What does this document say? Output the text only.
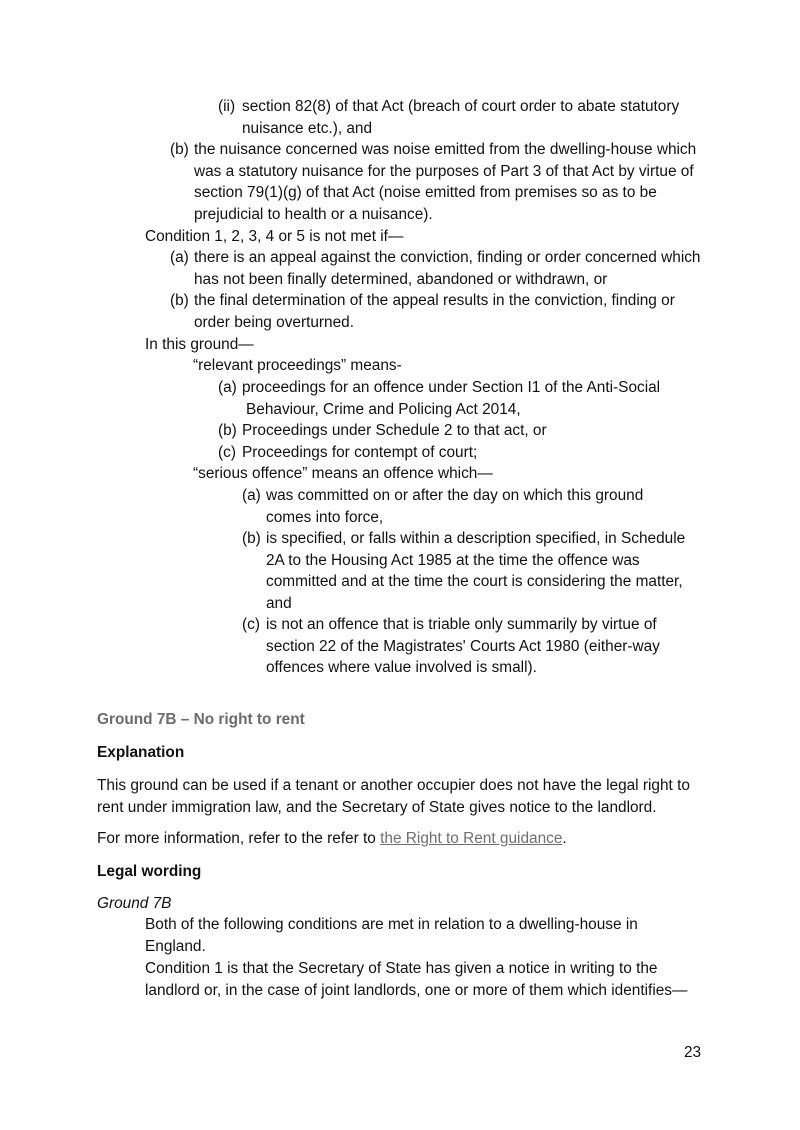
(ii) section 82(8) of that Act (breach of court order to abate statutory nuisance etc.), and
(b) the nuisance concerned was noise emitted from the dwelling-house which was a statutory nuisance for the purposes of Part 3 of that Act by virtue of section 79(1)(g) of that Act (noise emitted from premises so as to be prejudicial to health or a nuisance).
Condition 1, 2, 3, 4 or 5 is not met if—
(a) there is an appeal against the conviction, finding or order concerned which has not been finally determined, abandoned or withdrawn, or
(b) the final determination of the appeal results in the conviction, finding or order being overturned.
In this ground—
“relevant proceedings” means-
(a) proceedings for an offence under Section I1 of the Anti-Social Behaviour, Crime and Policing Act 2014,
(b) Proceedings under Schedule 2 to that act, or
(c) Proceedings for contempt of court;
“serious offence” means an offence which—
(a) was committed on or after the day on which this ground comes into force,
(b) is specified, or falls within a description specified, in Schedule 2A to the Housing Act 1985 at the time the offence was committed and at the time the court is considering the matter, and
(c) is not an offence that is triable only summarily by virtue of section 22 of the Magistrates' Courts Act 1980 (either-way offences where value involved is small).
Ground 7B – No right to rent
Explanation
This ground can be used if a tenant or another occupier does not have the legal right to rent under immigration law, and the Secretary of State gives notice to the landlord.
For more information, refer to the refer to the Right to Rent guidance.
Legal wording
Ground 7B
Both of the following conditions are met in relation to a dwelling-house in England.
Condition 1 is that the Secretary of State has given a notice in writing to the landlord or, in the case of joint landlords, one or more of them which identifies—
23
